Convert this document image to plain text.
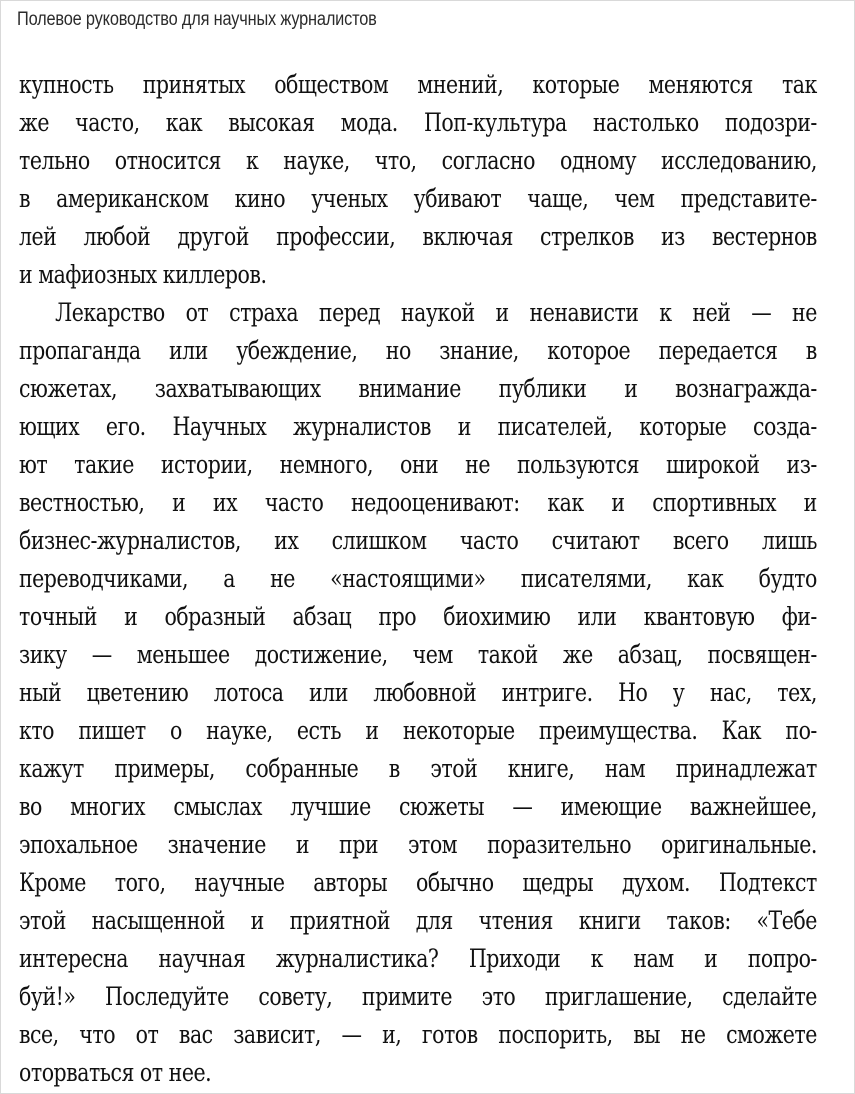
Полевое руководство для научных журналистов
купность принятых обществом мнений, которые меняются так
же часто, как высокая мода. Поп-культура настолько подозри-
тельно относится к науке, что, согласно одному исследованию,
в американском кино ученых убивают чаще, чем представите-
лей любой другой профессии, включая стрелков из вестернов
и мафиозных киллеров.
Лекарство от страха перед наукой и ненависти к ней — не
пропаганда или убеждение, но знание, которое передается в
сюжетах, захватывающих внимание публики и вознагражда-
ющих его. Научных журналистов и писателей, которые созда-
ют такие истории, немного, они не пользуются широкой из-
вестностью, и их часто недооценивают: как и спортивных и
бизнес-журналистов, их слишком часто считают всего лишь
переводчиками, а не «настоящими» писателями, как будто
точный и образный абзац про биохимию или квантовую фи-
зику — меньшее достижение, чем такой же абзац, посвящен-
ный цветению лотоса или любовной интриге. Но у нас, тех,
кто пишет о науке, есть и некоторые преимущества. Как по-
кажут примеры, собранные в этой книге, нам принадлежат
во многих смыслах лучшие сюжеты — имеющие важнейшее,
эпохальное значение и при этом поразительно оригинальные.
Кроме того, научные авторы обычно щедры духом. Подтекст
этой насыщенной и приятной для чтения книги таков: «Тебе
интересна научная журналистика? Приходи к нам и попро-
буй!» Последуйте совету, примите это приглашение, сделайте
все, что от вас зависит, — и, готов поспорить, вы не сможете
оторваться от нее.
